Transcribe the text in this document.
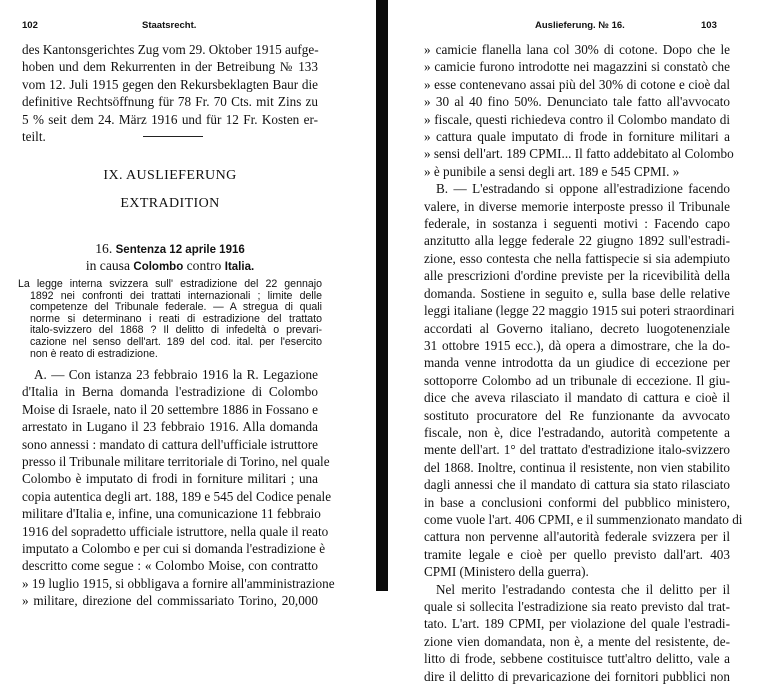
102	Staatsrecht.
des Kantonsgerichtes Zug vom 29. Oktober 1915 aufge-
hoben und dem Rekurrenten in der Betreibung № 133
vom 12. Juli 1915 gegen den Rekursbeklagten Baur die
definitive Rechtsöffnung für 78 Fr. 70 Cts. mit Zins zu
5 % seit dem 24. März 1916 und für 12 Fr. Kosten er-
teilt.
IX. AUSLIEFERUNG
EXTRADITION
16. Sentenza 12 aprile 1916
in causa Colombo contro Italia.
La legge interna svizzera sull' estradizione del 22 gennajo
1892 nei confronti dei trattati internazionali ; limite delle
competenze del Tribunale federale. — A stregua di quali
norme si determinano i reati di estradizione del trattato
italo-svizzero del 1868 ? Il delitto di infedeltà o prevari-
cazione nel senso dell'art. 189 del cod. ital. per l'esercito
non è reato di estradizione.
A. — Con istanza 23 febbraio 1916 la R. Legazione
d'Italia in Berna domanda l'estradizione di Colombo
Moise di Israele, nato il 20 settembre 1886 in Fossano e
arrestato in Lugano il 23 febbraio 1916. Alla domanda
sono annessi : mandato di cattura dell'ufficiale istruttore
presso il Tribunale militare territoriale di Torino, nel quale
Colombo è imputato di frodi in forniture militari ; una
copia autentica degli art. 188, 189 e 545 del Codice penale
militare d'Italia e, infine, una comunicazione 11 febbraio
1916 del sopradetto ufficiale istruttore, nella quale il reato
imputato a Colombo e per cui si domanda l'estradizione è
descritto come segue : « Colombo Moise, con contratto
» 19 luglio 1915, si obbligava a fornire all'amministrazione
» militare, direzione del commissariato Torino, 20,000
Auslieferung. № 16.	103
» camicie flanella lana col 30% di cotone. Dopo che le
» camicie furono introdotte nei magazzini si constatò che
» esse contenevano assai più del 30% di cotone e cioè dal
» 30 al 40 fino 50%. Denunciato tale fatto all'avvocato
» fiscale, questi richiedeva contro il Colombo mandato di
» cattura quale imputato di frode in forniture militari a
» sensi dell'art. 189 CPMI... Il fatto addebitato al Colombo
» è punibile a sensi degli art. 189 e 545 CPMI. »
B. — L'estradando si oppone all'estradizione facendo
valere, in diverse memorie interposte presso il Tribunale
federale, in sostanza i seguenti motivi : Facendo capo
anzitutto alla legge federale 22 giugno 1892 sull'estradi-
zione, esso contesta che nella fattispecie si sia adempiuto
alle prescrizioni d'ordine previste per la ricevibilità della
domanda. Sostiene in seguito e, sulla base delle relative
leggi italiane (legge 22 maggio 1915 sui poteri straordinari
accordati al Governo italiano, decreto luogotenenziale
31 ottobre 1915 ecc.), dà opera a dimostrare, che la do-
manda venne introdotta da un giudice di eccezione per
sottoporre Colombo ad un tribunale di eccezione. Il giu-
dice che aveva rilasciato il mandato di cattura e cioè il
sostituto procuratore del Re funzionante da avvocato
fiscale, non è, dice l'estradando, autorità competente a
mente dell'art. 1° del trattato d'estradizione italo-svizzero
del 1868. Inoltre, continua il resistente, non vien stabilito
dagli annessi che il mandato di cattura sia stato rilasciato
in base a conclusioni conformi del pubblico ministero,
come vuole l'art. 406 CPMI, e il summenzionato mandato di
cattura non pervenne all'autorità federale svizzera per il
tramite legale e cioè per quello previsto dall'art. 403
CPMI (Ministero della guerra).
Nel merito l'estradando contesta che il delitto per il
quale si sollecita l'estradizione sia reato previsto dal trat-
tato. L'art. 189 CPMI, per violazione del quale l'estradi-
zione vien domandata, non è, a mente del resistente, de-
litto di frode, sebbene costituisce tutt'altro delitto, vale a
dire il delitto di prevaricazione dei fornitori pubblici non
